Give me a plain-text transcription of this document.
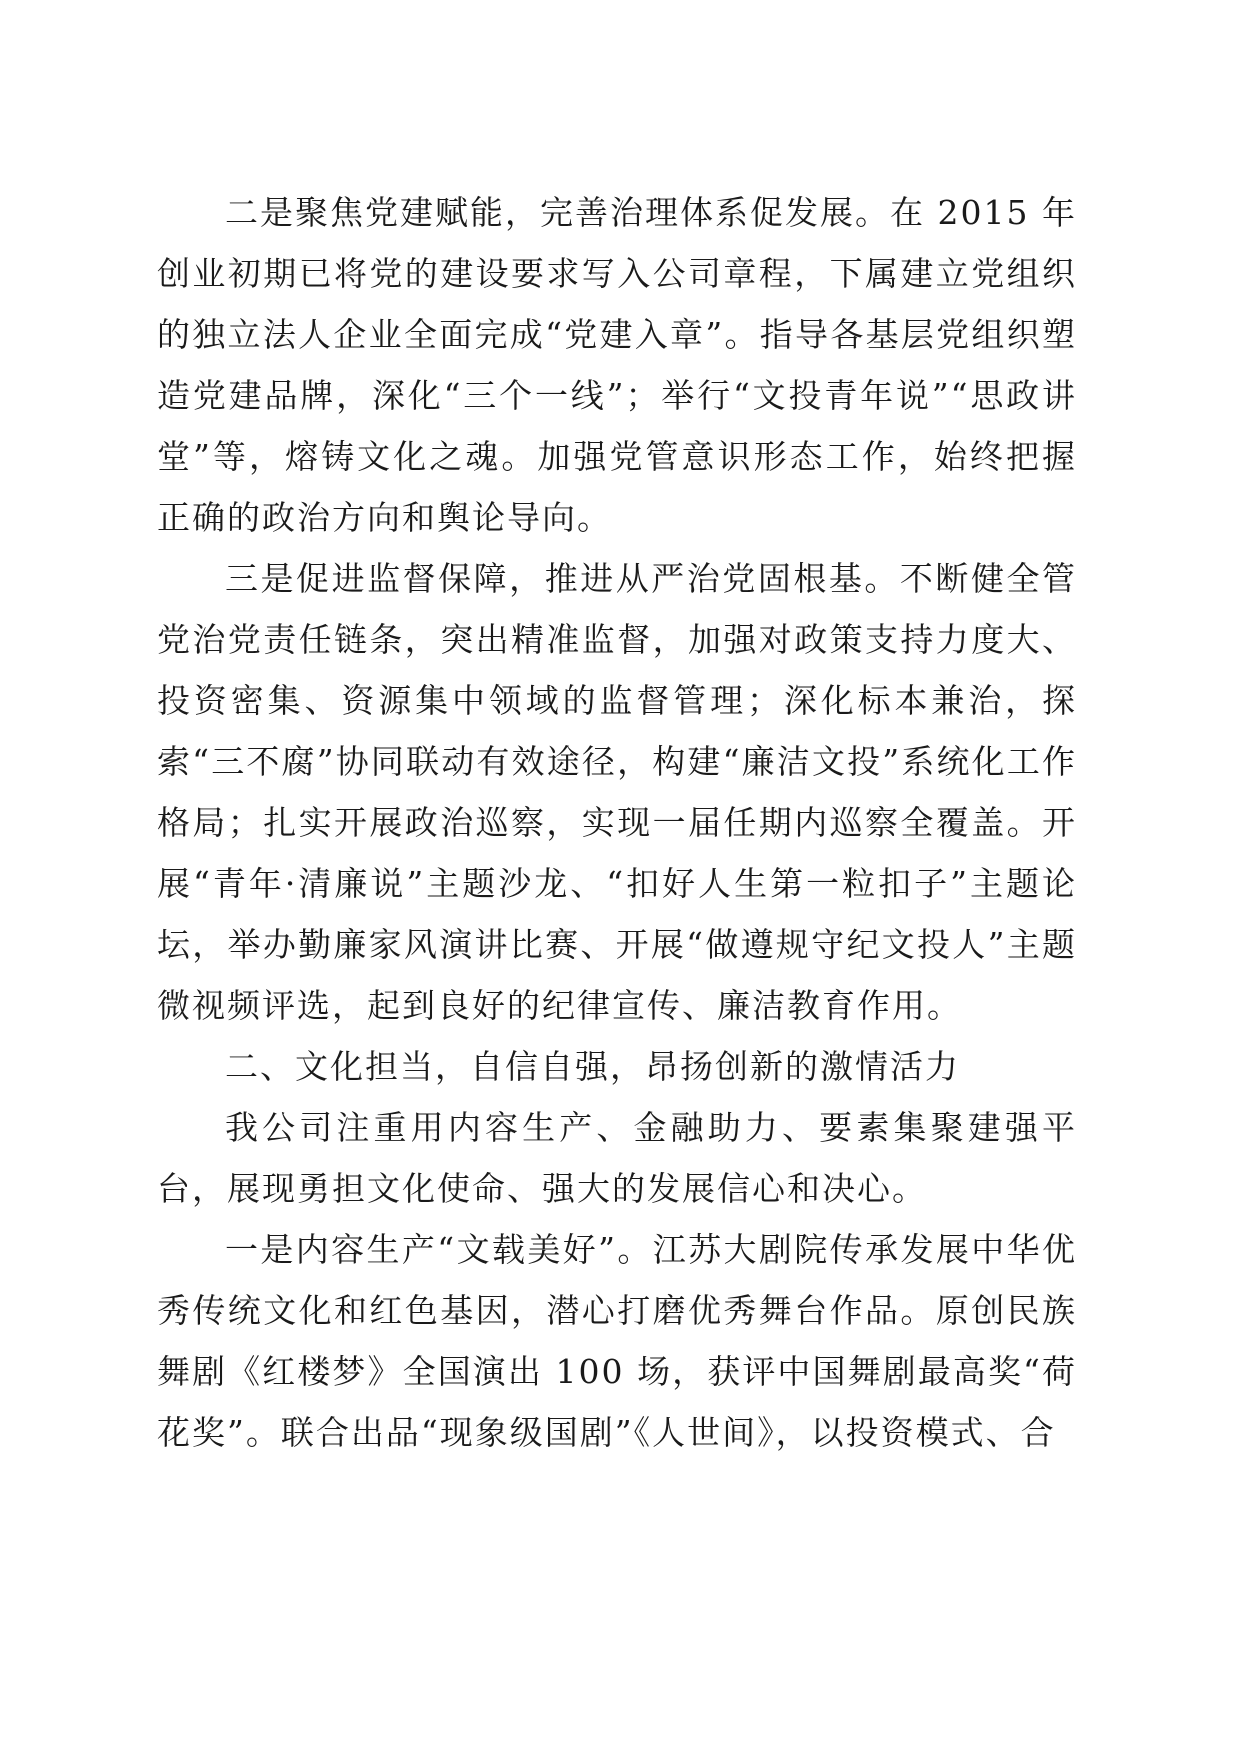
二是聚焦党建赋能，完善治理体系促发展。在 2015 年创业初期已将党的建设要求写入公司章程，下属建立党组织的独立法人企业全面完成“党建入章”。指导各基层党组织塑造党建品牌，深化“三个一线”；举行“文投青年说”“思政讲堂”等，熔铸文化之魂。加强党管意识形态工作，始终把握正确的政治方向和舆论导向。

三是促进监督保障，推进从严治党固根基。不断健全管党治党责任链条，突出精准监督，加强对政策支持力度大、投资密集、资源集中领域的监督管理；深化标本兼治，探索“三不腐”协同联动有效途径，构建“廉洁文投”系统化工作格局；扎实开展政治巡察，实现一届任期内巡察全覆盖。开展“青年·清廉说”主题沙龙、“扣好人生第一粒扣子”主题论坛，举办勤廉家风演讲比赛、开展“做遵规守纪文投人”主题微视频评选，起到良好的纪律宣传、廉洁教育作用。

二、文化担当，自信自强，昂扬创新的激情活力

我公司注重用内容生产、金融助力、要素集聚建强平台，展现勇担文化使命、强大的发展信心和决心。

一是内容生产“文载美好”。江苏大剧院传承发展中华优秀传统文化和红色基因，潜心打磨优秀舞台作品。原创民族舞剧《红楼梦》全国演出 100 场，获评中国舞剧最高奖“荷花奖”。联合出品“现象级国剧”《人世间》，以投资模式、合
